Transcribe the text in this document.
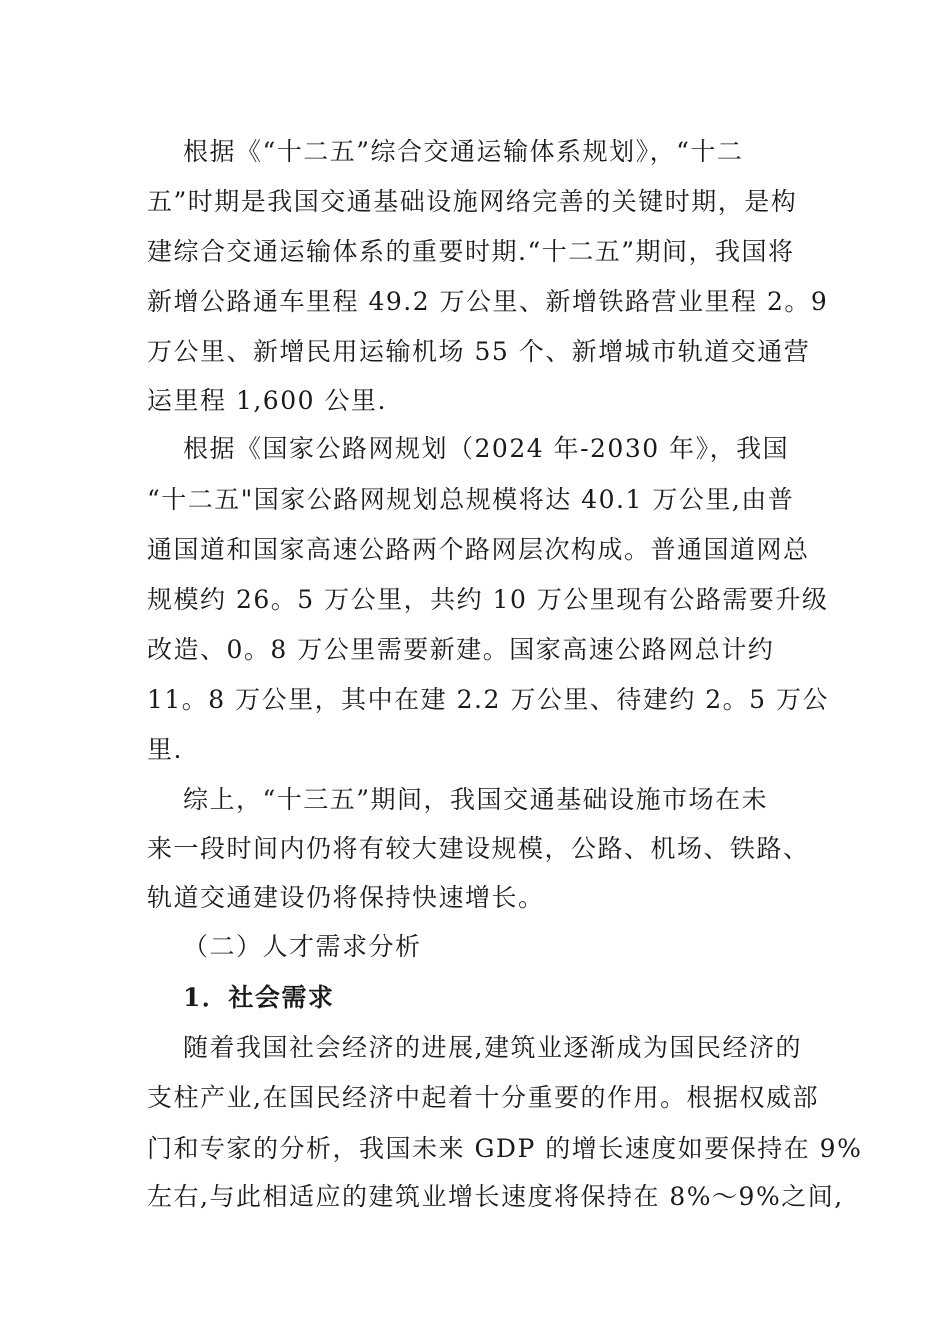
根据《“十二五”综合交通运输体系规划》，“十二
五”时期是我国交通基础设施网络完善的关键时期，是构
建综合交通运输体系的重要时期.“十二五”期间，我国将
新增公路通车里程 49.2 万公里、新增铁路营业里程 2。9
万公里、新增民用运输机场 55 个、新增城市轨道交通营
运里程 1,600 公里.
根据《国家公路网规划（2024 年-2030 年》，我国
“十二五"国家公路网规划总规模将达 40.1 万公里,由普
通国道和国家高速公路两个路网层次构成。普通国道网总
规模约 26。5 万公里，共约 10 万公里现有公路需要升级
改造、0。8 万公里需要新建。国家高速公路网总计约
11。8 万公里，其中在建 2.2 万公里、待建约 2。5 万公
里.
综上，“十三五”期间，我国交通基础设施市场在未
来一段时间内仍将有较大建设规模，公路、机场、铁路、
轨道交通建设仍将保持快速增长。
（二）人才需求分析
1．社会需求
随着我国社会经济的进展,建筑业逐渐成为国民经济的
支柱产业,在国民经济中起着十分重要的作用。根据权威部
门和专家的分析，我国未来 GDP 的增长速度如要保持在 9%
左右,与此相适应的建筑业增长速度将保持在 8%～9%之间,
